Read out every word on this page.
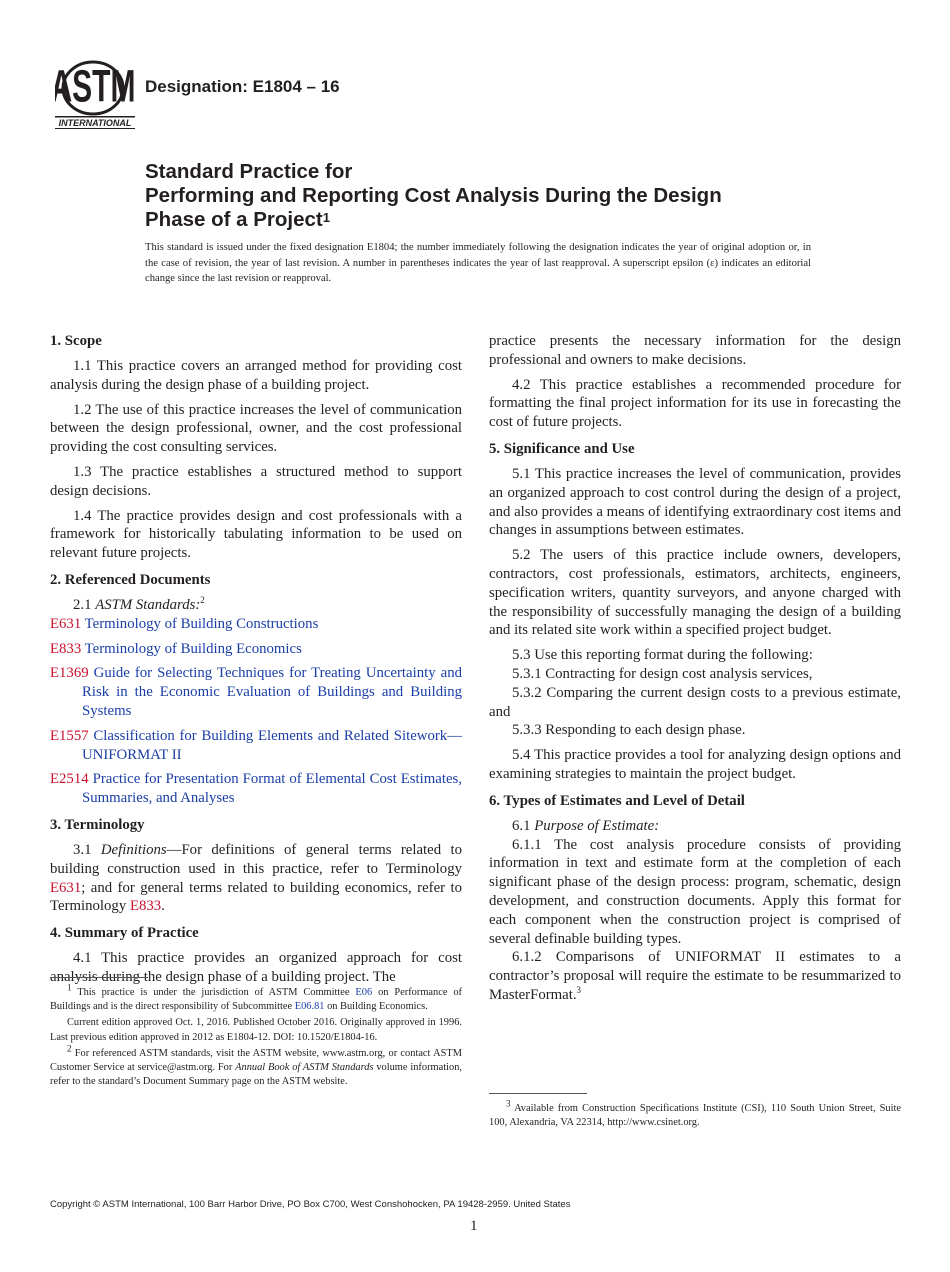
ASTM
INTERNATIONAL
Designation: E1804 – 16
Standard Practice for
Performing and Reporting Cost Analysis During the Design
Phase of a Project$^1$
This standard is issued under the fixed designation E1804; the number immediately following the designation indicates the year of original adoption or, in the case of revision, the year of last revision. A number in parentheses indicates the year of last reapproval. A superscript epsilon (ε) indicates an editorial change since the last revision or reapproval.
1. Scope

1.1 This practice covers an arranged method for providing cost analysis during the design phase of a building project.

1.2 The use of this practice increases the level of communication between the design professional, owner, and the cost professional providing the cost consulting services.

1.3 The practice establishes a structured method to support design decisions.

1.4 The practice provides design and cost professionals with a framework for historically tabulating information to be used on relevant future projects.

2. Referenced Documents

2.1 ASTM Standards:$^2$

E631 Terminology of Building Constructions

E833 Terminology of Building Economics

E1369 Guide for Selecting Techniques for Treating Uncertainty and Risk in the Economic Evaluation of Buildings and Building Systems

E1557 Classification for Building Elements and Related Sitework—UNIFORMAT II

E2514 Practice for Presentation Format of Elemental Cost Estimates, Summaries, and Analyses

3. Terminology

3.1 Definitions—For definitions of general terms related to building construction used in this practice, refer to Terminology E631; and for general terms related to building economics, refer to Terminology E833.

4. Summary of Practice

4.1 This practice provides an organized approach for cost analysis during the design phase of a building project. The

practice presents the necessary information for the design professional and owners to make decisions.

4.2 This practice establishes a recommended procedure for formatting the final project information for its use in forecasting the cost of future projects.

5. Significance and Use

5.1 This practice increases the level of communication, provides an organized approach to cost control during the design of a project, and also provides a means of identifying extraordinary cost items and changes in assumptions between estimates.

5.2 The users of this practice include owners, developers, contractors, cost professionals, estimators, architects, engineers, specification writers, quantity surveyors, and anyone charged with the responsibility of successfully managing the design of a building and its related site work within a specified project budget.

5.3 Use this reporting format during the following:

5.3.1 Contracting for design cost analysis services,

5.3.2 Comparing the current design costs to a previous estimate, and

5.3.3 Responding to each design phase.

5.4 This practice provides a tool for analyzing design options and examining strategies to maintain the project budget.

6. Types of Estimates and Level of Detail

6.1 Purpose of Estimate:

6.1.1 The cost analysis procedure consists of providing information in text and estimate form at the completion of each significant phase of the design process: program, schematic, design development, and construction documents. Apply this format for each component when the construction project is comprised of several definable building types.

6.1.2 Comparisons of UNIFORMAT II estimates to a contractor’s proposal will require the estimate to be resummarized to MasterFormat.$^3$

$^1$ This practice is under the jurisdiction of ASTM Committee E06 on Performance of Buildings and is the direct responsibility of Subcommittee E06.81 on Building Economics.

Current edition approved Oct. 1, 2016. Published October 2016. Originally approved in 1996. Last previous edition approved in 2012 as E1804-12. DOI: 10.1520/E1804-16.

$^2$ For referenced ASTM standards, visit the ASTM website, www.astm.org, or contact ASTM Customer Service at service@astm.org. For Annual Book of ASTM Standards volume information, refer to the standard’s Document Summary page on the ASTM website.

$^3$ Available from Construction Specifications Institute (CSI), 110 South Union Street, Suite 100, Alexandria, VA 22314, http://www.csinet.org.

Copyright © ASTM International, 100 Barr Harbor Drive, PO Box C700, West Conshohocken, PA 19428-2959. United States
1
